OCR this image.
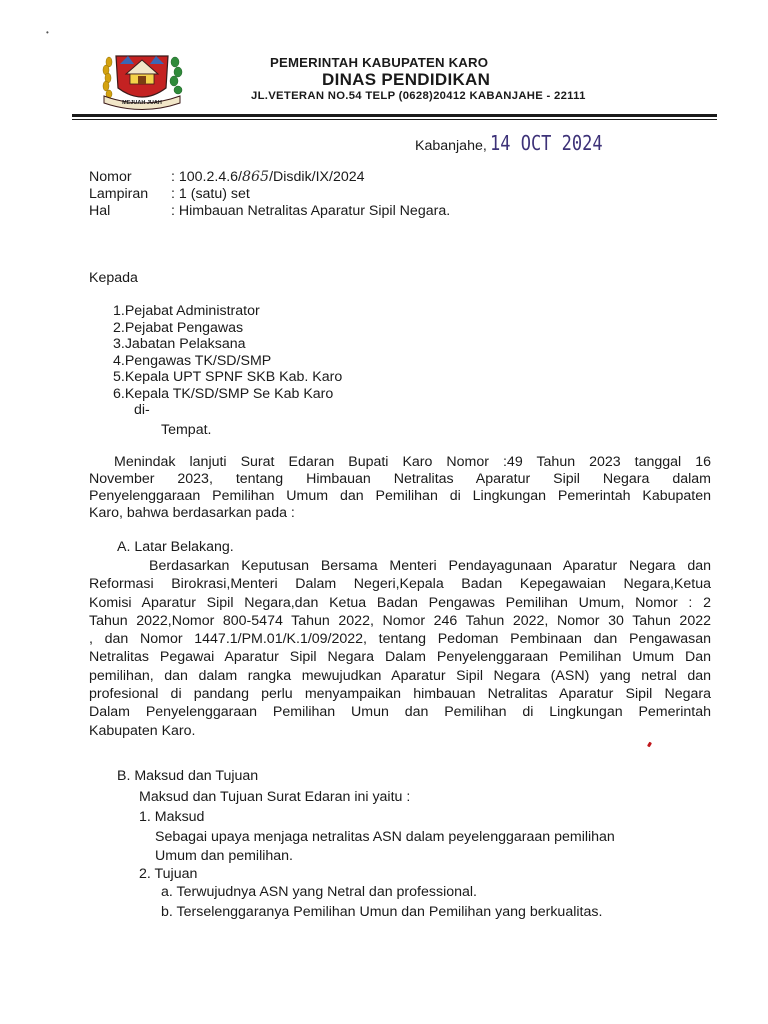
•
MEJUAH JUAH
PEMERINTAH KABUPATEN KARO
DINAS PENDIDIKAN
JL.VETERAN NO.54 TELP (0628)20412 KABANJAHE - 22111
Kabanjahe, 14 OCT 2024
Nomor	: 100.2.4.6/865/Disdik/IX/2024
Lampiran : 1 (satu) set
Hal	: Himbauan Netralitas Aparatur Sipil Negara.
Kepada
1.Pejabat Administrator
2.Pejabat Pengawas
3.Jabatan Pelaksana
4.Pengawas TK/SD/SMP
5.Kepala UPT SPNF SKB Kab. Karo
6.Kepala TK/SD/SMP Se Kab Karo
di-
Tempat.
Menindak lanjuti Surat Edaran Bupati Karo Nomor :49 Tahun 2023 tanggal 16
November 2023, tentang Himbauan Netralitas Aparatur Sipil Negara dalam
Penyelenggaraan Pemilihan Umum dan Pemilihan di Lingkungan Pemerintah Kabupaten
Karo, bahwa berdasarkan pada :
A. Latar Belakang.
Berdasarkan Keputusan Bersama Menteri Pendayagunaan Aparatur Negara dan
Reformasi Birokrasi,Menteri Dalam Negeri,Kepala Badan Kepegawaian Negara,Ketua
Komisi Aparatur Sipil Negara,dan Ketua Badan Pengawas Pemilihan Umum, Nomor : 2
Tahun 2022,Nomor 800-5474 Tahun 2022, Nomor 246 Tahun 2022, Nomor 30 Tahun 2022
, dan Nomor 1447.1/PM.01/K.1/09/2022, tentang Pedoman Pembinaan dan Pengawasan
Netralitas Pegawai Aparatur Sipil Negara Dalam Penyelenggaraan Pemilihan Umum Dan
pemilihan, dan dalam rangka mewujudkan Aparatur Sipil Negara (ASN) yang netral dan
profesional di pandang perlu menyampaikan himbauan Netralitas Aparatur Sipil Negara
Dalam Penyelenggaraan Pemilihan Umun dan Pemilihan di Lingkungan Pemerintah
Kabupaten Karo.
B. Maksud dan Tujuan
Maksud dan Tujuan Surat Edaran ini yaitu :
1. Maksud
Sebagai upaya menjaga netralitas ASN dalam peyelenggaraan pemilihan
Umum dan pemilihan.
2. Tujuan
a. Terwujudnya ASN yang Netral dan professional.
b. Terselenggaranya Pemilihan Umun dan Pemilihan yang berkualitas.
